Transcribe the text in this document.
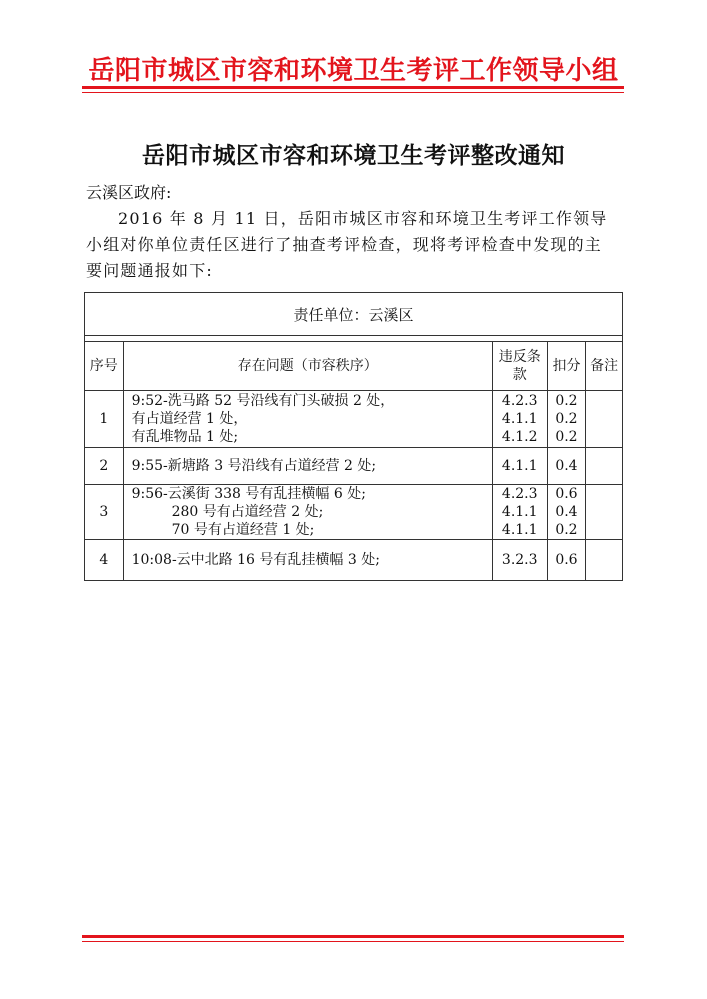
岳阳市城区市容和环境卫生考评工作领导小组
岳阳市城区市容和环境卫生考评整改通知
云溪区政府:
2016 年 8 月 11 日，岳阳市城区市容和环境卫生考评工作领导小组对你单位责任区进行了抽查考评检查，现将考评检查中发现的主要问题通报如下:
责任单位：云溪区				

序号	存在问题（市容秩序）	违反条款	扣分	备注
1	9:52-洗马路 52 号沿线有门头破损 2 处，
有占道经营 1 处，
有乱堆物品 1 处;	4.2.3
4.1.1
4.1.2	0.2
0.2
0.2	

2	9:55-新塘路 3 号沿线有占道经营 2 处;	4.1.1	0.4	

3	9:56-云溪街 338 号有乱挂横幅 6 处;
280 号有占道经营 2 处;
70 号有占道经营 1 处;	4.2.3
4.1.1
4.1.1	0.6
0.4
0.2	

4	10:08-云中北路 16 号有乱挂横幅 3 处;	3.2.3	0.6	
